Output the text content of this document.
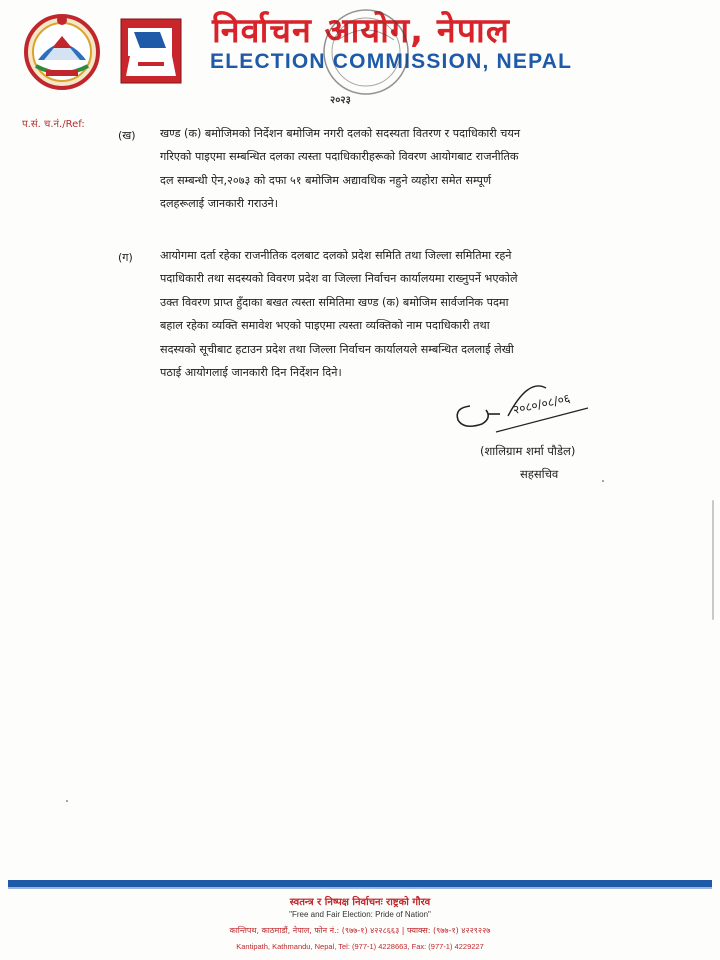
निर्वाचन आयोग, नेपाल
ELECTION COMMISSION, NEPAL
२०२३
प.सं. च.नं./Ref:
(ख) खण्ड (क) बमोजिमको निर्देशन बमोजिम नगरी दलको सदस्यता वितरण र पदाधिकारी चयन
गरिएको पाइएमा सम्बन्धित दलका त्यस्ता पदाधिकारीहरूको विवरण आयोगबाट राजनीतिक
दल सम्बन्धी ऐन,२०७३ को दफा ५१ बमोजिम अद्यावधिक नहुने व्यहोरा समेत सम्पूर्ण
दलहरूलाई जानकारी गराउने।
(ग) आयोगमा दर्ता रहेका राजनीतिक दलबाट दलको प्रदेश समिति तथा जिल्ला समितिमा रहने
पदाधिकारी तथा सदस्यको विवरण प्रदेश वा जिल्ला निर्वाचन कार्यालयमा राख्नुपर्ने भएकोले
उक्त विवरण प्राप्त हुँदाका बखत त्यस्ता समितिमा खण्ड (क) बमोजिम सार्वजनिक पदमा
बहाल रहेका व्यक्ति समावेश भएको पाइएमा त्यस्ता व्यक्तिको नाम पदाधिकारी तथा
सदस्यको सूचीबाट हटाउन प्रदेश तथा जिल्ला निर्वाचन कार्यालयले सम्बन्धित दललाई लेखी
पठाई आयोगलाई जानकारी दिन निर्देशन दिने।
२०८०/०८/०६
(शालिग्राम शर्मा पौडेल)
सहसचिव
स्वतन्त्र र निष्पक्ष निर्वाचनः राष्ट्रको गौरव
"Free and Fair Election: Pride of Nation"
कान्तिपथ, काठमाडौं, नेपाल, फोन नं.: (९७७-१) ४२२८६६३ | फ्याक्स: (९७७-१) ४२२९२२७
Kantipath, Kathmandu, Nepal, Tel: (977-1) 4228663, Fax: (977-1) 4229227
